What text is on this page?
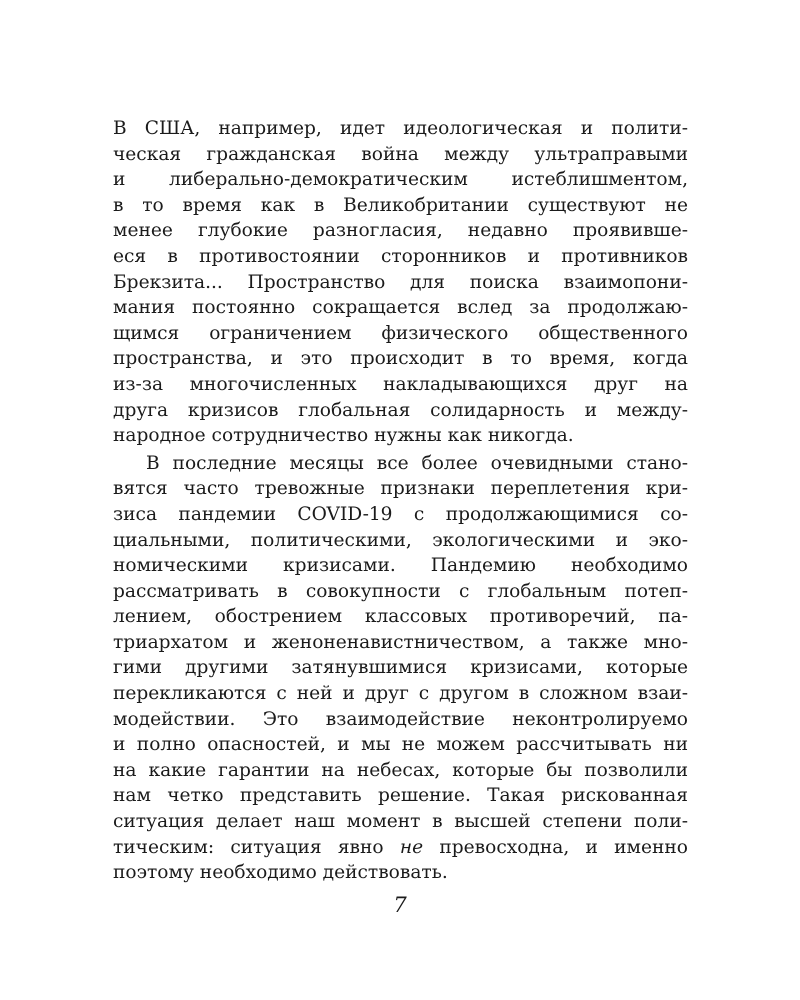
В США, например, идет идеологическая и полити-
ческая гражданская война между ультраправыми
и либерально-демократическим истеблишментом,
в то время как в Великобритании существуют не
менее глубокие разногласия, недавно проявивше-
еся в противостоянии сторонников и противников
Брекзита... Пространство для поиска взаимопони-
мания постоянно сокращается вслед за продолжаю-
щимся ограничением физического общественного
пространства, и это происходит в то время, когда
из-за многочисленных накладывающихся друг на
друга кризисов глобальная солидарность и между-
народное сотрудничество нужны как никогда.
В последние месяцы все более очевидными стано-
вятся часто тревожные признаки переплетения кри-
зиса пандемии COVID-19 с продолжающимися со-
циальными, политическими, экологическими и эко-
номическими кризисами. Пандемию необходимо
рассматривать в совокупности с глобальным потеп-
лением, обострением классовых противоречий, па-
триархатом и женоненавистничеством, а также мно-
гими другими затянувшимися кризисами, которые
перекликаются с ней и друг с другом в сложном взаи-
модействии. Это взаимодействие неконтролируемо
и полно опасностей, и мы не можем рассчитывать ни
на какие гарантии на небесах, которые бы позволили
нам четко представить решение. Такая рискованная
ситуация делает наш момент в высшей степени поли-
тическим: ситуация явно не превосходна, и именно
поэтому необходимо действовать.
7
